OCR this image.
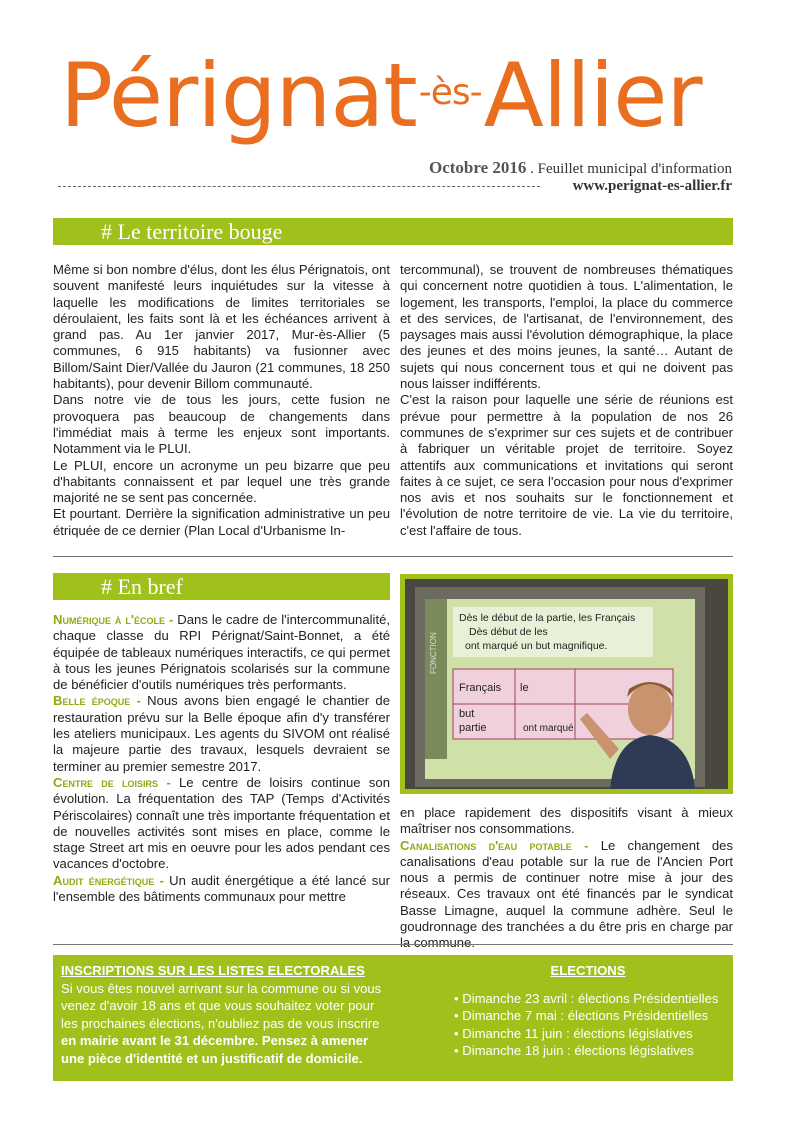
Pérignat$^{-ès-}$Allier
Octobre 2016 . Feuillet municipal d'information
www.perignat-es-allier.fr
# Le territoire bouge

Même si bon nombre d'élus, dont les élus Pérignatois, ont souvent manifesté leurs inquiétudes sur la vitesse à laquelle les modifications de limites territoriales se déroulaient, les faits sont là et les échéances arrivent à grand pas. Au 1er janvier 2017, Mur-ès-Allier (5 communes, 6 915 habitants) va fusionner avec Billom/Saint Dier/Vallée du Jauron (21 communes, 18 250 habitants), pour devenir Billom communauté.

Dans notre vie de tous les jours, cette fusion ne provoquera pas beaucoup de changements dans l'immédiat mais à terme les enjeux sont importants. Notamment via le PLUI.

Le PLUI, encore un acronyme un peu bizarre que peu d'habitants connaissent et par lequel une très grande majorité ne se sent pas concernée.

Et pourtant. Derrière la signification administrative un peu étriquée de ce dernier (Plan Local d'Urbanisme In-

tercommunal), se trouvent de nombreuses thématiques qui concernent notre quotidien à tous. L'alimentation, le logement, les transports, l'emploi, la place du commerce et des services, de l'artisanat, de l'environnement, des paysages mais aussi l'évolution démographique, la place des jeunes et des moins jeunes, la santé… Autant de sujets qui nous concernent tous et qui ne doivent pas nous laisser indifférents.

C'est la raison pour laquelle une série de réunions est prévue pour permettre à la population de nos 26 communes de s'exprimer sur ces sujets et de contribuer à fabriquer un véritable projet de territoire. Soyez attentifs aux communications et invitations qui seront faites à ce sujet, ce sera l'occasion pour nous d'exprimer nos avis et nos souhaits sur le fonctionnement et l'évolution de notre territoire de vie. La vie du territoire, c'est l'affaire de tous.

# En bref

Numérique à l'école - Dans le cadre de l'intercommunalité, chaque classe du RPI Pérignat/Saint-Bonnet, a été équipée de tableaux numériques interactifs, ce qui permet à tous les jeunes Pérignatois scolarisés sur la commune de bénéficier d'outils numériques très performants.

Belle époque - Nous avons bien engagé le chantier de restauration prévu sur la Belle époque afin d'y transférer les ateliers municipaux. Les agents du SIVOM ont réalisé la majeure partie des travaux, lesquels devraient se terminer au premier semestre 2017.

Centre de loisirs - Le centre de loisirs continue son évolution. La fréquentation des TAP (Temps d'Activités Périscolaires) connaît une très importante fréquentation et de nouvelles activités sont mises en place, comme le stage Street art mis en oeuvre pour les ados pendant ces vacances d'octobre.

Audit énergétique - Un audit énergétique a été lancé sur l'ensemble des bâtiments communaux pour mettre

FONCTION
Dès le début de la partie, les Français
Dès début de les
ont marqué un but magnifique.
Français le
but
partie	ont marqué

en place rapidement des dispositifs visant à mieux maîtriser nos consommations.

Canalisations d'eau potable - Le changement des canalisations d'eau potable sur la rue de l'Ancien Port nous a permis de continuer notre mise à jour des réseaux. Ces travaux ont été financés par le syndicat Basse Limagne, auquel la commune adhère. Seul le goudronnage des tranchées a du être pris en charge par la commune.

INSCRIPTIONS SUR LES LISTES ELECTORALES
Si vous êtes nouvel arrivant sur la commune ou si vous venez d'avoir 18 ans et que vous souhaitez voter pour les prochaines élections, n'oubliez pas de vous inscrire en mairie avant le 31 décembre. Pensez à amener une pièce d'identité et un justificatif de domicile.
ELECTIONS
• Dimanche 23 avril : élections Présidentielles
• Dimanche 7 mai : élections Présidentielles
• Dimanche 11 juin : élections législatives
• Dimanche 18 juin : élections législatives
